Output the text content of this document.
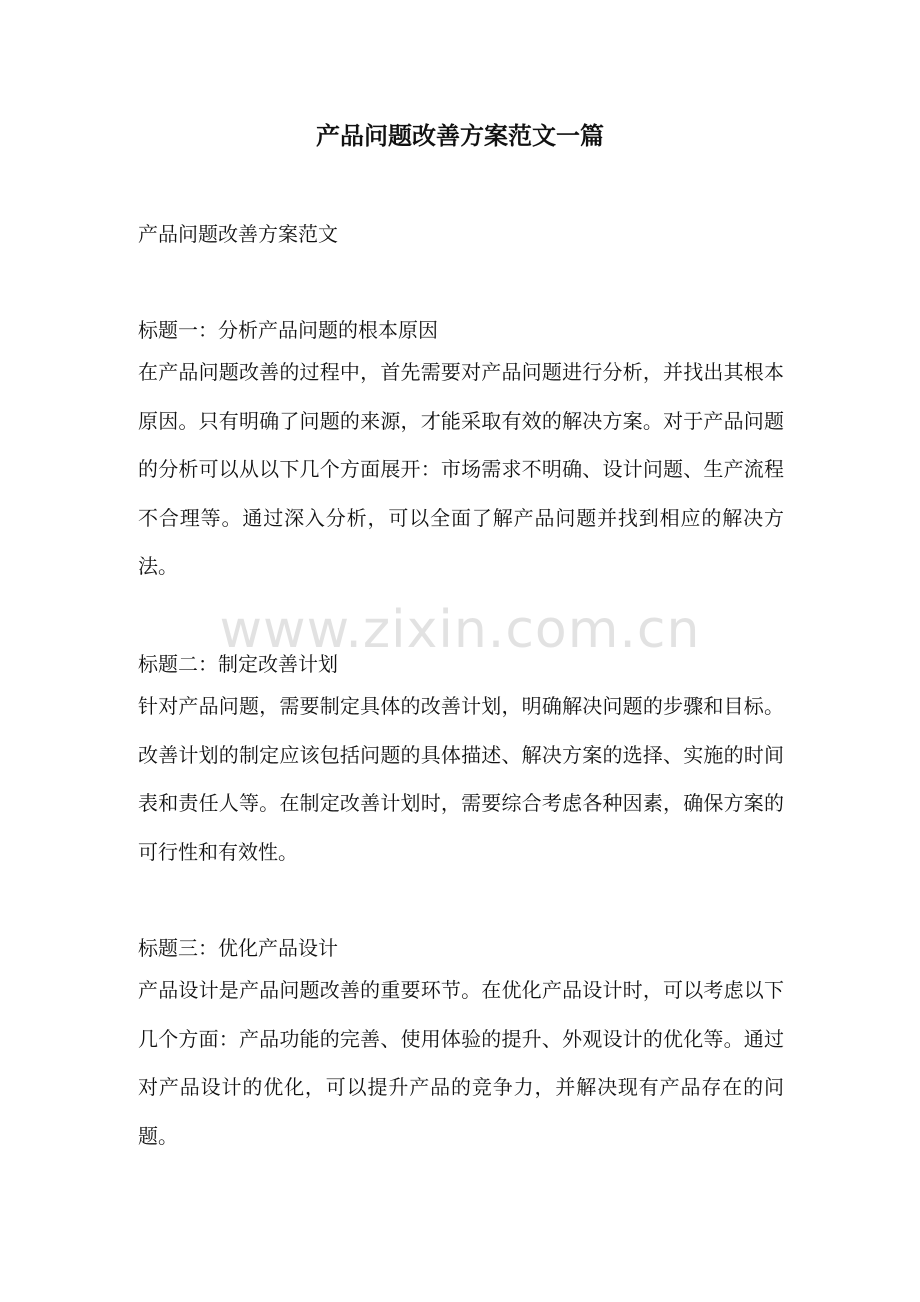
产品问题改善方案范文一篇

产品问题改善方案范文

标题一：分析产品问题的根本原因

在产品问题改善的过程中，首先需要对产品问题进行分析，并找出其根本原因。只有明确了问题的来源，才能采取有效的解决方案。对于产品问题的分析可以从以下几个方面展开：市场需求不明确、设计问题、生产流程不合理等。通过深入分析，可以全面了解产品问题并找到相应的解决方法。

www.zixin.com.cn

标题二：制定改善计划

针对产品问题，需要制定具体的改善计划，明确解决问题的步骤和目标。改善计划的制定应该包括问题的具体描述、解决方案的选择、实施的时间表和责任人等。在制定改善计划时，需要综合考虑各种因素，确保方案的可行性和有效性。

标题三：优化产品设计

产品设计是产品问题改善的重要环节。在优化产品设计时，可以考虑以下几个方面：产品功能的完善、使用体验的提升、外观设计的优化等。通过对产品设计的优化，可以提升产品的竞争力，并解决现有产品存在的问题。
